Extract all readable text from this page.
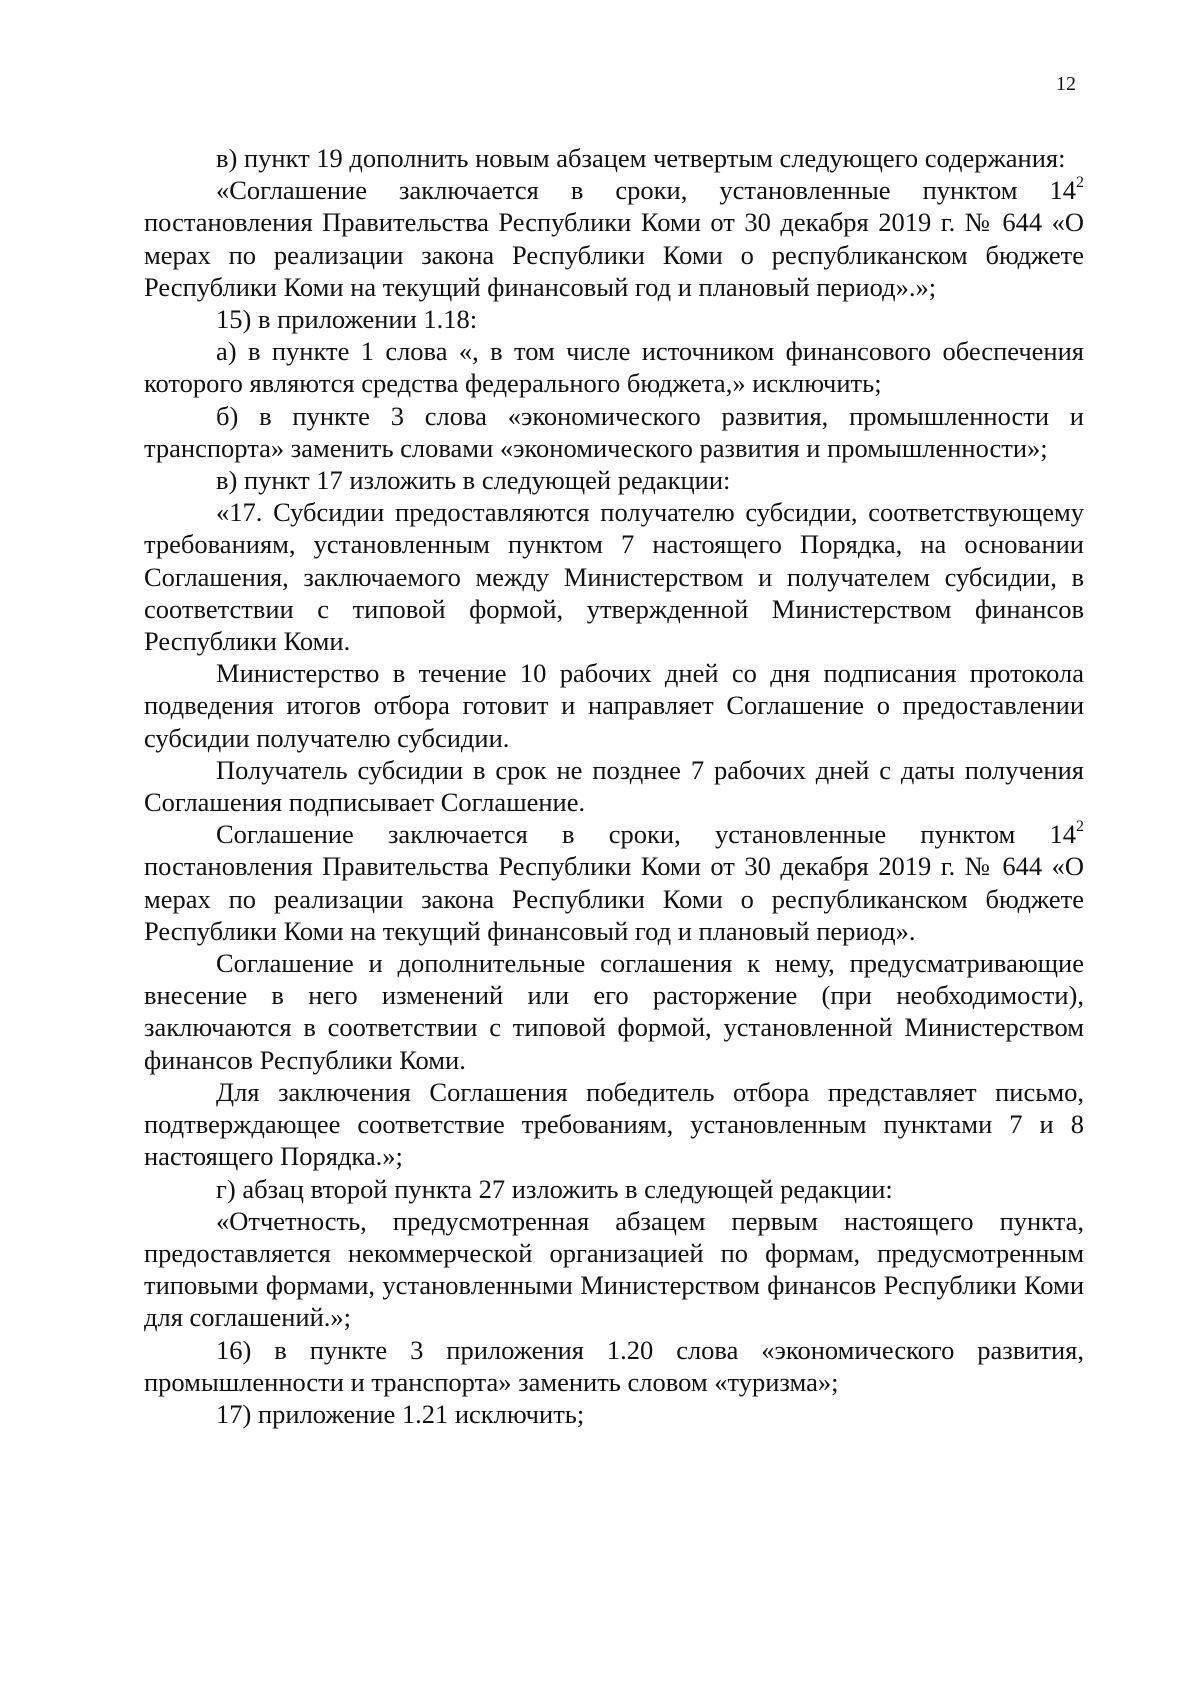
12

в) пункт 19 дополнить новым абзацем четвертым следующего содержания:

«Соглашение заключается в сроки, установленные пунктом $14^2$ постановления Правительства Республики Коми от 30 декабря 2019 г. № 644 «О мерах по реализации закона Республики Коми о республиканском бюджете Республики Коми на текущий финансовый год и плановый период».»;

15) в приложении 1.18:

а) в пункте 1 слова «, в том числе источником финансового обеспечения которого являются средства федерального бюджета,» исключить;

б) в пункте 3 слова «экономического развития, промышленности и транспорта» заменить словами «экономического развития и промышленности»;

в) пункт 17 изложить в следующей редакции:

«17. Субсидии предоставляются получателю субсидии, соответствующему требованиям, установленным пунктом 7 настоящего Порядка, на основании Соглашения, заключаемого между Министерством и получателем субсидии, в соответствии с типовой формой, утвержденной Министерством финансов Республики Коми.

Министерство в течение 10 рабочих дней со дня подписания протокола подведения итогов отбора готовит и направляет Соглашение о предоставлении субсидии получателю субсидии.

Получатель субсидии в срок не позднее 7 рабочих дней с даты получения Соглашения подписывает Соглашение.

Соглашение заключается в сроки, установленные пунктом $14^2$ постановления Правительства Республики Коми от 30 декабря 2019 г. № 644 «О мерах по реализации закона Республики Коми о республиканском бюджете Республики Коми на текущий финансовый год и плановый период».

Соглашение и дополнительные соглашения к нему, предусматривающие внесение в него изменений или его расторжение (при необходимости), заключаются в соответствии с типовой формой, установленной Министерством финансов Республики Коми.

Для заключения Соглашения победитель отбора представляет письмо, подтверждающее соответствие требованиям, установленным пунктами 7 и 8 настоящего Порядка.»;

г) абзац второй пункта 27 изложить в следующей редакции:

«Отчетность, предусмотренная абзацем первым настоящего пункта, предоставляется некоммерческой организацией по формам, предусмотренным типовыми формами, установленными Министерством финансов Республики Коми для соглашений.»;

16) в пункте 3 приложения 1.20 слова «экономического развития, промышленности и транспорта» заменить словом «туризма»;

17) приложение 1.21 исключить;
